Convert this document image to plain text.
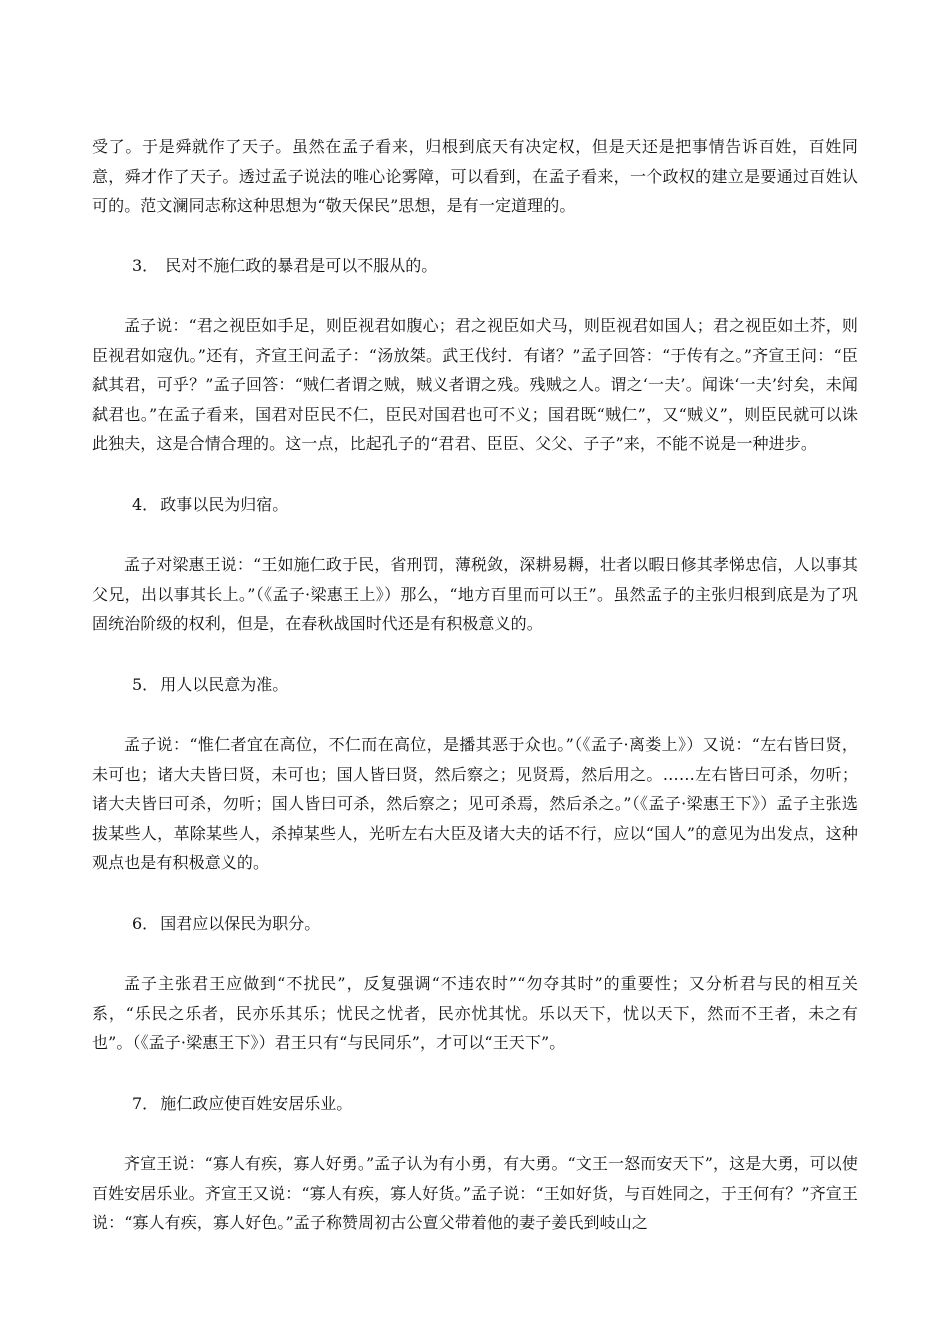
受了。于是舜就作了天子。虽然在孟子看来，归根到底天有决定权，但是天还是把事情告诉百姓，百姓同意，舜才作了天子。透过孟子说法的唯心论雾障，可以看到，在孟子看来，一个政权的建立是要通过百姓认可的。范文澜同志称这种思想为“敬天保民”思想，是有一定道理的。

3． 民对不施仁政的暴君是可以不服从的。

孟子说：“君之视臣如手足，则臣视君如腹心；君之视臣如犬马，则臣视君如国人；君之视臣如土芥，则臣视君如寇仇。”还有，齐宣王问孟子：“汤放桀。武王伐纣．有诸？”孟子回答：“于传有之。”齐宣王问：“臣弑其君，可乎？”孟子回答：“贼仁者谓之贼，贼义者谓之残。残贼之人。谓之‘一夫’。闻诛‘一夫’纣矣，未闻弑君也。”在孟子看来，国君对臣民不仁，臣民对国君也可不义；国君既“贼仁”，又“贼义”，则臣民就可以诛此独夫，这是合情合理的。这一点，比起孔子的“君君、臣臣、父父、子子”来，不能不说是一种进步。

4． 政事以民为归宿。

孟子对梁惠王说：“王如施仁政于民，省刑罚，薄税敛，深耕易耨，壮者以暇日修其孝悌忠信，人以事其父兄，出以事其长上。”（《孟子·梁惠王上》）那么，“地方百里而可以王”。虽然孟子的主张归根到底是为了巩固统治阶级的权利，但是，在春秋战国时代还是有积极意义的。

5． 用人以民意为准。

孟子说：“惟仁者宜在高位，不仁而在高位，是播其恶于众也。”（《孟子·离娄上》）又说：“左右皆曰贤，未可也；诸大夫皆曰贤，未可也；国人皆曰贤，然后察之；见贤焉，然后用之。……左右皆曰可杀，勿听；诸大夫皆曰可杀，勿听；国人皆曰可杀，然后察之；见可杀焉，然后杀之。”（《孟子·梁惠王下》）孟子主张选拔某些人，革除某些人，杀掉某些人，光听左右大臣及诸大夫的话不行，应以“国人”的意见为出发点，这种观点也是有积极意义的。

6． 国君应以保民为职分。

孟子主张君王应做到“不扰民”，反复强调“不违农时”“勿夺其时”的重要性；又分析君与民的相互关系，“乐民之乐者，民亦乐其乐；忧民之忧者，民亦忧其忧。乐以天下，忧以天下，然而不王者，未之有也”。（《孟子·梁惠王下》）君王只有“与民同乐”，才可以“王天下”。

7． 施仁政应使百姓安居乐业。

齐宣王说：“寡人有疾，寡人好勇。”孟子认为有小勇，有大勇。“文王一怒而安天下”，这是大勇，可以使百姓安居乐业。齐宣王又说：“寡人有疾，寡人好货。”孟子说：“王如好货，与百姓同之，于王何有？”齐宣王说：“寡人有疾，寡人好色。”孟子称赞周初古公亶父带着他的妻子姜氏到岐山之
